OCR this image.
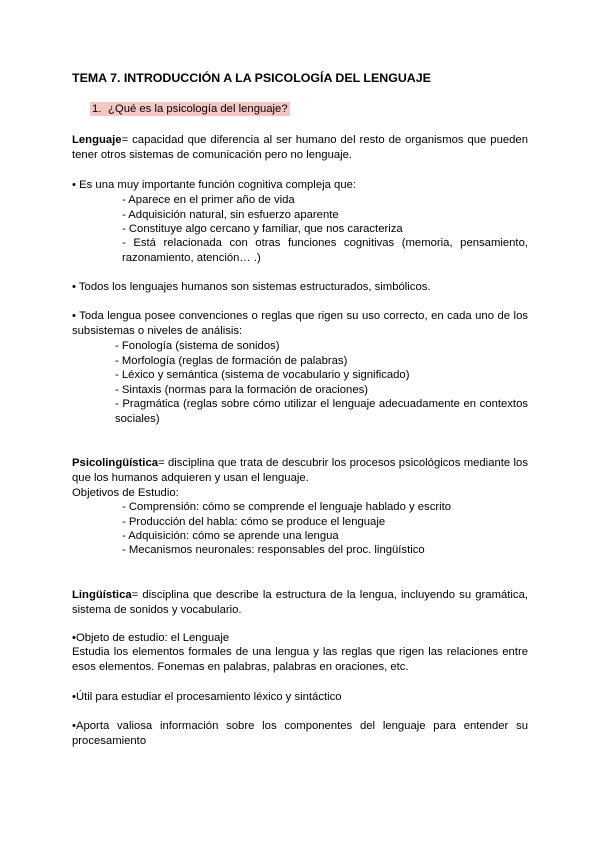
TEMA 7. INTRODUCCIÓN A LA PSICOLOGÍA DEL LENGUAJE
1. ¿Qué es la psicología del lenguaje?
Lenguaje= capacidad que diferencia al ser humano del resto de organismos que pueden tener otros sistemas de comunicación pero no lenguaje.
• Es una muy importante función cognitiva compleja que:
- Aparece en el primer año de vida
- Adquisición natural, sin esfuerzo aparente
- Constituye algo cercano y familiar, que nos caracteriza
- Está relacionada con otras funciones cognitivas (memoria, pensamiento, razonamiento, atención… .)
• Todos los lenguajes humanos son sistemas estructurados, simbólicos.
• Toda lengua posee convenciones o reglas que rigen su uso correcto, en cada uno de los subsistemas o niveles de análisis:
- Fonología (sistema de sonidos)
- Morfología (reglas de formación de palabras)
- Léxico y semántica (sistema de vocabulario y significado)
- Sintaxis (normas para la formación de oraciones)
- Pragmática (reglas sobre cómo utilizar el lenguaje adecuadamente en contextos sociales)
Psicolingüística= disciplina que trata de descubrir los procesos psicológicos mediante los que los humanos adquieren y usan el lenguaje.
Objetivos de Estudio:
- Comprensión: cómo se comprende el lenguaje hablado y escrito
- Producción del habla: cómo se produce el lenguaje
- Adquisición: cómo se aprende una lengua
- Mecanismos neuronales: responsables del proc. lingüístico
Lingüística= disciplina que describe la estructura de la lengua, incluyendo su gramática, sistema de sonidos y vocabulario.
•Objeto de estudio: el Lenguaje
Estudia los elementos formales de una lengua y las reglas que rigen las relaciones entre esos elementos. Fonemas en palabras, palabras en oraciones, etc.
•Útil para estudiar el procesamiento léxico y sintáctico
•Aporta valiosa información sobre los componentes del lenguaje para entender su procesamiento
